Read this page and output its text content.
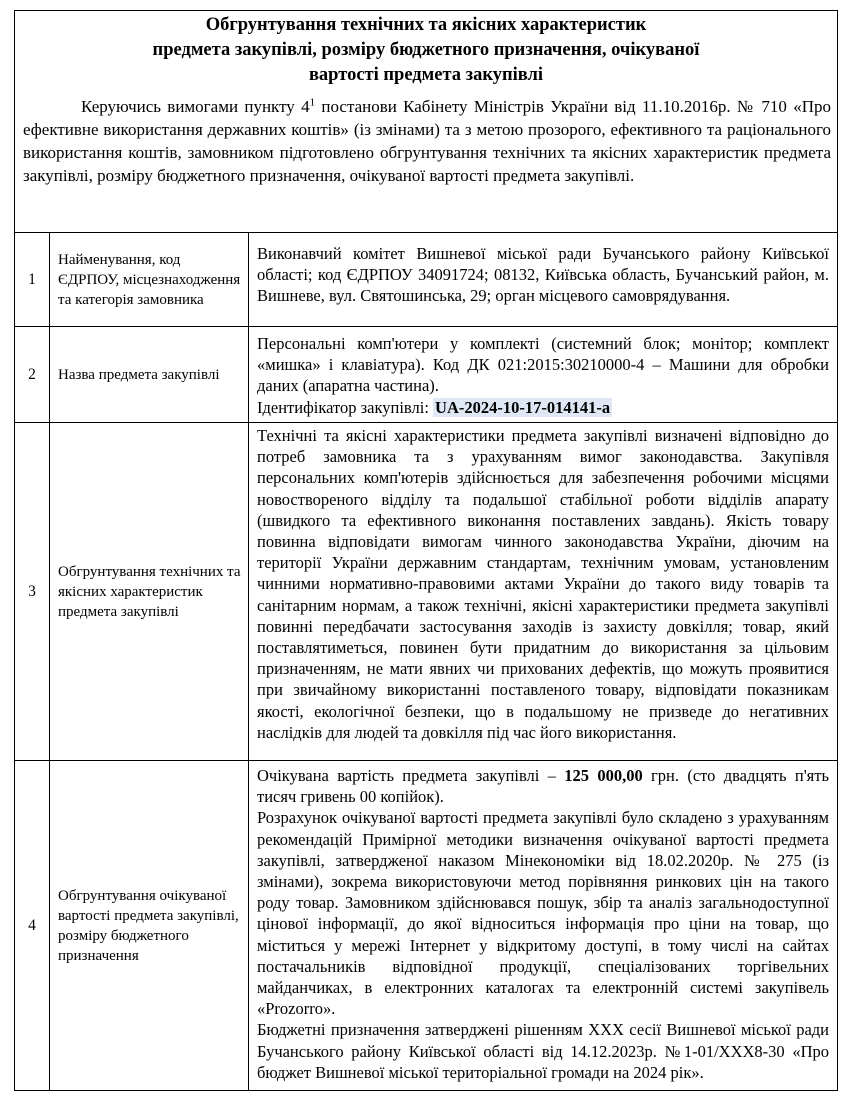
Обгрунтування технічних та якісних характеристик
предмета закупівлі, розміру бюджетного призначення, очікуваної
вартості предмета закупівлі

Керуючись вимогами пункту $4^1$ постанови Кабінету Міністрів України від 11.10.2016р. № 710 «Про ефективне використання державних коштів» (із змінами) та з метою прозорого, ефективного та раціонального використання коштів, замовником підготовлено обгрунтування технічних та якісних характеристик предмета закупівлі, розміру бюджетного призначення, очікуваної вартості предмета закупівлі.

1	Найменування, код ЄДРПОУ, місцезнаходження та категорія замовника	Виконавчий комітет Вишневої міської ради Бучанського району Київської області; код ЄДРПОУ 34091724; 08132, Київська область, Бучанський район, м. Вишневе, вул. Святошинська, 29; орган місцевого самоврядування.
2	Назва предмета закупівлі	Персональні комп'ютери у комплекті (системний блок; монітор; комплект «мишка» і клавіатура). Код ДК 021:2015:30210000-4 – Машини для обробки даних (апаратна частина).

Ідентифікатор закупівлі: UA-2024-10-17-014141-a

3	Обгрунтування технічних та якісних характеристик предмета закупівлі	Технічні та якісні характеристики предмета закупівлі визначені відповідно до потреб замовника та з урахуванням вимог законодавства. Закупівля персональних комп'ютерів здійснюється для забезпечення робочими місцями новоствореного відділу та подальшої стабільної роботи відділів апарату (швидкого та ефективного виконання поставлених завдань). Якість товару повинна відповідати вимогам чинного законодавства України, діючим на території України державним стандартам, технічним умовам, установленим чинними нормативно-правовими актами України до такого виду товарів та санітарним нормам, а також технічні, якісні характеристики предмета закупівлі повинні передбачати застосування заходів із захисту довкілля; товар, який поставлятиметься, повинен бути придатним до використання за цільовим призначенням, не мати явних чи прихованих дефектів, що можуть проявитися при звичайному використанні поставленого товару, відповідати показникам якості, екологічної безпеки, що в подальшому не призведе до негативних наслідків для людей та довкілля під час його використання.
4	Обгрунтування очікуваної вартості предмета закупівлі, розміру бюджетного призначення	Очікувана вартість предмета закупівлі – 125 000,00 грн. (сто двадцять п'ять тисяч гривень 00 копійок).

Розрахунок очікуваної вартості предмета закупівлі було складено з урахуванням рекомендацій Примірної методики визначення очікуваної вартості предмета закупівлі, затвердженої наказом Мінекономіки від 18.02.2020р. № 275 (із змінами), зокрема використовуючи метод порівняння ринкових цін на такого роду товар. Замовником здійснювався пошук, збір та аналіз загальнодоступної цінової інформації, до якої відноситься інформація про ціни на товар, що міститься у мережі Інтернет у відкритому доступі, в тому числі на сайтах постачальників відповідної продукції, спеціалізованих торгівельних майданчиках, в електронних каталогах та електронній системі закупівель «Prozorro».

Бюджетні призначення затверджені рішенням XXX сесії Вишневої міської ради Бучанського району Київської області від 14.12.2023р. №1-01/XXX8-30 «Про бюджет Вишневої міської територіальної громади на 2024 рік».
